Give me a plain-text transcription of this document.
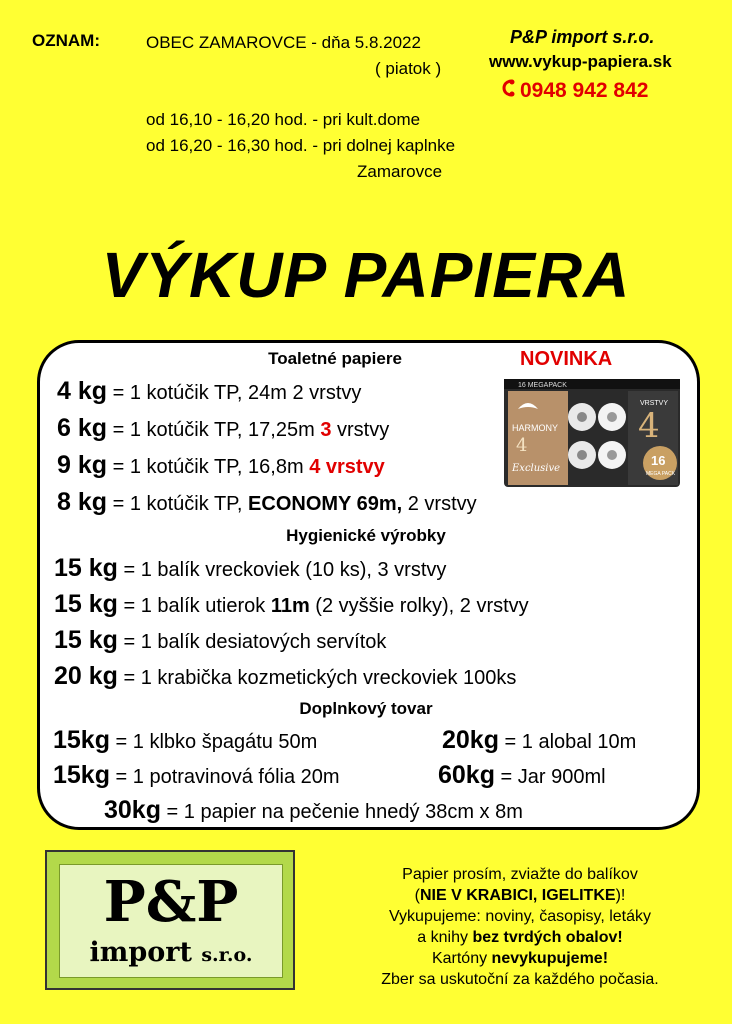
OZNAM:	OBEC ZAMAROVCE - dňa 5.8.2022
( piatok )
od 16,10 - 16,20 hod. - pri kult.dome
od 16,20 - 16,30 hod. - pri dolnej kaplnke
Zamarovce
P&P import s.r.o.
www.vykup-papiera.sk
0948 942 842
VÝKUP PAPIERA
Toaletné papiere	NOVINKA
16 MEGAPACK
HARMONY
4
Exclusive
VRSTVY
4
16
MEGA PACK
4 kg = 1 kotúčik TP, 24m 2 vrstvy
6 kg = 1 kotúčik TP, 17,25m 3 vrstvy
9 kg = 1 kotúčik TP, 16,8m 4 vrstvy
8 kg = 1 kotúčik TP, ECONOMY 69m, 2 vrstvy
Hygienické výrobky
15 kg = 1 balík vreckoviek (10 ks), 3 vrstvy
15 kg = 1 balík utierok 11m (2 vyššie rolky), 2 vrstvy
15 kg = 1 balík desiatových servítok
20 kg = 1 krabička kozmetických vreckoviek 100ks
Doplnkový tovar
15kg = 1 klbko špagátu 50m	20kg = 1 alobal 10m
15kg = 1 potravinová fólia 20m	60kg = Jar 900ml
30kg = 1 papier na pečenie hnedý 38cm x 8m
P&P
import s.r.o.
Papier prosím, zviažte do balíkov
(NIE V KRABICI, IGELITKE)!
Vykupujeme: noviny, časopisy, letáky
a knihy bez tvrdých obalov!
Kartóny nevykupujeme!
Zber sa uskutoční za každého počasia.
